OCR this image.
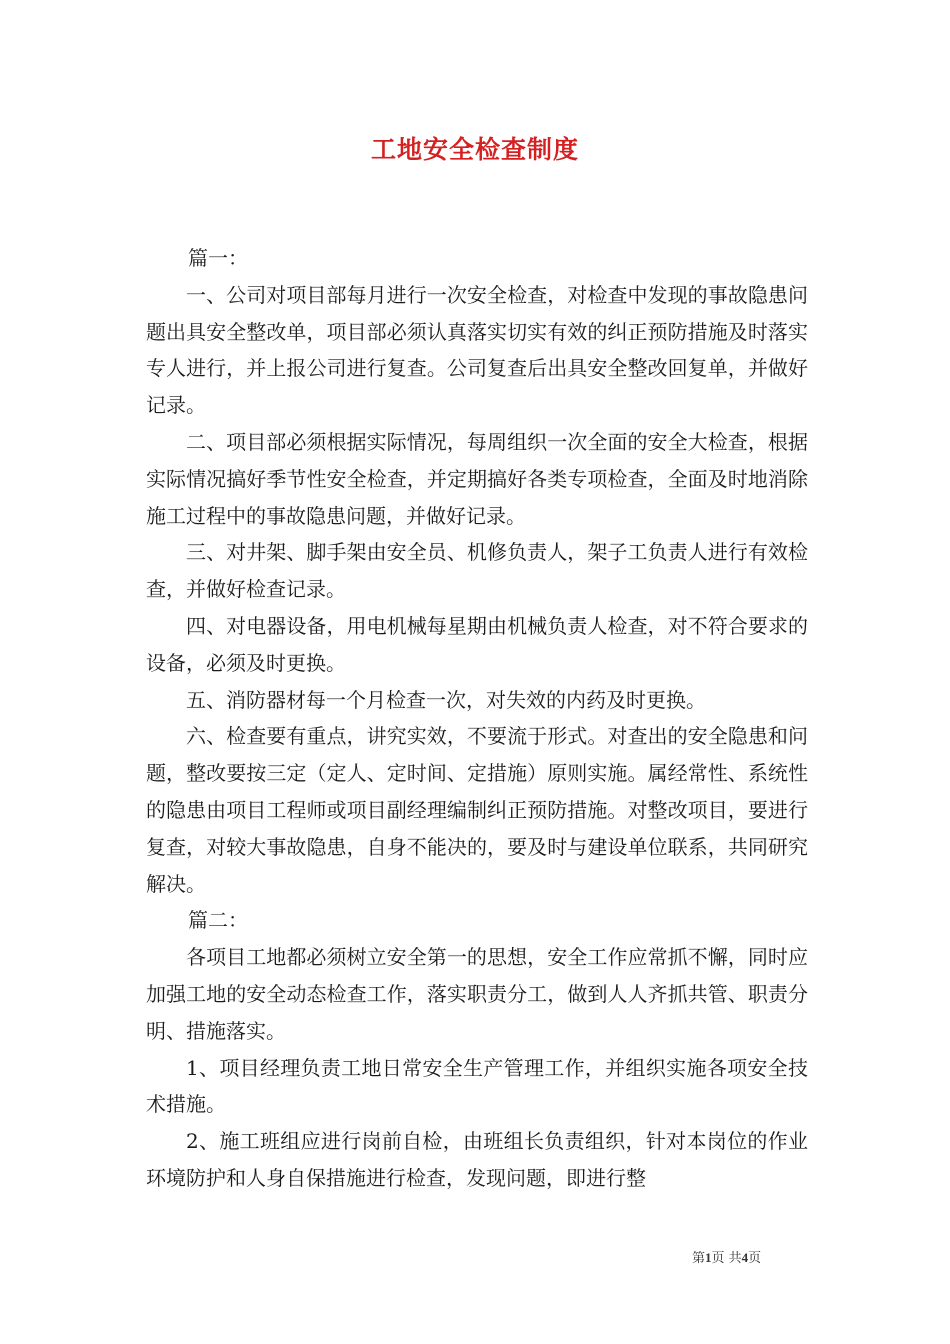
工地安全检查制度

篇一：

一、公司对项目部每月进行一次安全检查，对检查中发现的事故隐患问题出具安全整改单，项目部必须认真落实切实有效的纠正预防措施及时落实专人进行，并上报公司进行复查。公司复查后出具安全整改回复单，并做好记录。

二、项目部必须根据实际情况，每周组织一次全面的安全大检查，根据实际情况搞好季节性安全检查，并定期搞好各类专项检查，全面及时地消除施工过程中的事故隐患问题，并做好记录。

三、对井架、脚手架由安全员、机修负责人，架子工负责人进行有效检查，并做好检查记录。

四、对电器设备，用电机械每星期由机械负责人检查，对不符合要求的设备，必须及时更换。

五、消防器材每一个月检查一次，对失效的内药及时更换。

六、检查要有重点，讲究实效，不要流于形式。对查出的安全隐患和问题，整改要按三定（定人、定时间、定措施）原则实施。属经常性、系统性的隐患由项目工程师或项目副经理编制纠正预防措施。对整改项目，要进行复查，对较大事故隐患，自身不能决的，要及时与建设单位联系，共同研究解决。

篇二：

各项目工地都必须树立安全第一的思想，安全工作应常抓不懈，同时应加强工地的安全动态检查工作，落实职责分工，做到人人齐抓共管、职责分明、措施落实。

1、项目经理负责工地日常安全生产管理工作，并组织实施各项安全技术措施。

2、施工班组应进行岗前自检，由班组长负责组织，针对本岗位的作业环境防护和人身自保措施进行检查，发现问题，即进行整

第1页 共4页
